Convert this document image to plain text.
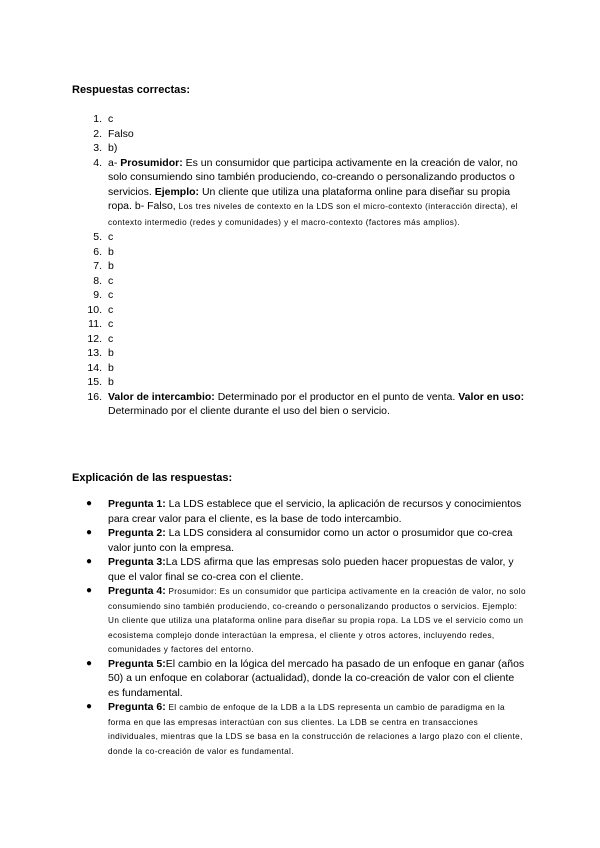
Respuestas correctas:

1. c
2. Falso
3. b)
4. a- Prosumidor: Es un consumidor que participa activamente en la creación de valor, no solo consumiendo sino también produciendo, co-creando o personalizando productos o servicios. Ejemplo: Un cliente que utiliza una plataforma online para diseñar su propia ropa. b- Falso, Los tres niveles de contexto en la LDS son el micro-contexto (interacción directa), el contexto intermedio (redes y comunidades) y el macro-contexto (factores más amplios).
5. c
6. b
7. b
8. c
9. c
10. c
11. c
12. c
13. b
14. b
15. b
16. Valor de intercambio: Determinado por el productor en el punto de venta. Valor en uso: Determinado por el cliente durante el uso del bien o servicio.

Explicación de las respuestas:

● Pregunta 1: La LDS establece que el servicio, la aplicación de recursos y conocimientos para crear valor para el cliente, es la base de todo intercambio.
● Pregunta 2: La LDS considera al consumidor como un actor o prosumidor que co-crea valor junto con la empresa.
● Pregunta 3:La LDS afirma que las empresas solo pueden hacer propuestas de valor, y que el valor final se co-crea con el cliente.
● Pregunta 4: Prosumidor: Es un consumidor que participa activamente en la creación de valor, no solo consumiendo sino también produciendo, co-creando o personalizando productos o servicios. Ejemplo: Un cliente que utiliza una plataforma online para diseñar su propia ropa. La LDS ve el servicio como un ecosistema complejo donde interactúan la empresa, el cliente y otros actores, incluyendo redes, comunidades y factores del entorno.
● Pregunta 5:El cambio en la lógica del mercado ha pasado de un enfoque en ganar (años 50) a un enfoque en colaborar (actualidad), donde la co-creación de valor con el cliente es fundamental.
● Pregunta 6: El cambio de enfoque de la LDB a la LDS representa un cambio de paradigma en la forma en que las empresas interactúan con sus clientes. La LDB se centra en transacciones individuales, mientras que la LDS se basa en la construcción de relaciones a largo plazo con el cliente, donde la co-creación de valor es fundamental.
